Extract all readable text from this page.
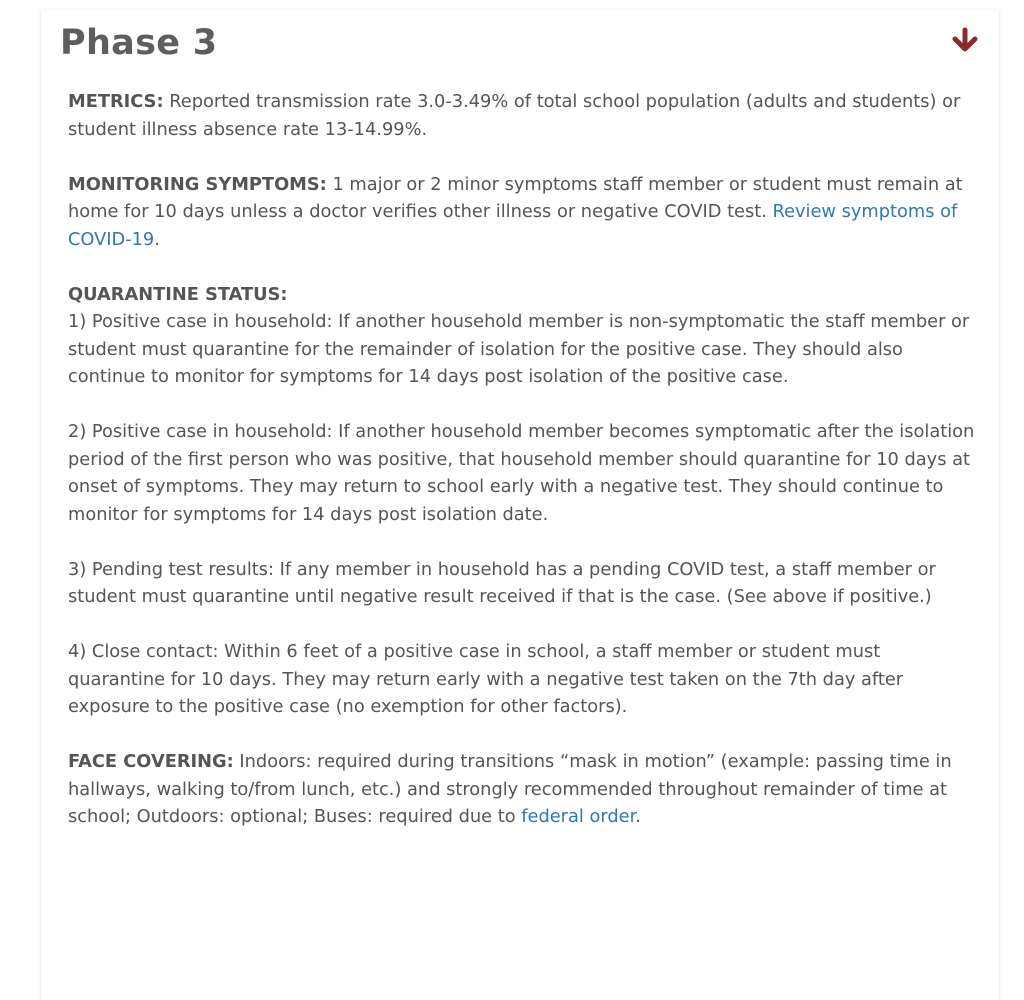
Phase 3

METRICS: Reported transmission rate 3.0-3.49% of total school population (adults and students) or student illness absence rate 13-14.99%.

MONITORING SYMPTOMS: 1 major or 2 minor symptoms staff member or student must remain at home for 10 days unless a doctor verifies other illness or negative COVID test. Review symptoms of COVID-19.

QUARANTINE STATUS:

1) Positive case in household: If another household member is non-symptomatic the staff member or student must quarantine for the remainder of isolation for the positive case. They should also continue to monitor for symptoms for 14 days post isolation of the positive case.

2) Positive case in household: If another household member becomes symptomatic after the isolation period of the first person who was positive, that household member should quarantine for 10 days at onset of symptoms. They may return to school early with a negative test. They should continue to monitor for symptoms for 14 days post isolation date.

3) Pending test results: If any member in household has a pending COVID test, a staff member or student must quarantine until negative result received if that is the case. (See above if positive.)

4) Close contact: Within 6 feet of a positive case in school, a staff member or student must quarantine for 10 days. They may return early with a negative test taken on the 7th day after exposure to the positive case (no exemption for other factors).

FACE COVERING: Indoors: required during transitions “mask in motion” (example: passing time in hallways, walking to/from lunch, etc.) and strongly recommended throughout remainder of time at school; Outdoors: optional; Buses: required due to federal order.
